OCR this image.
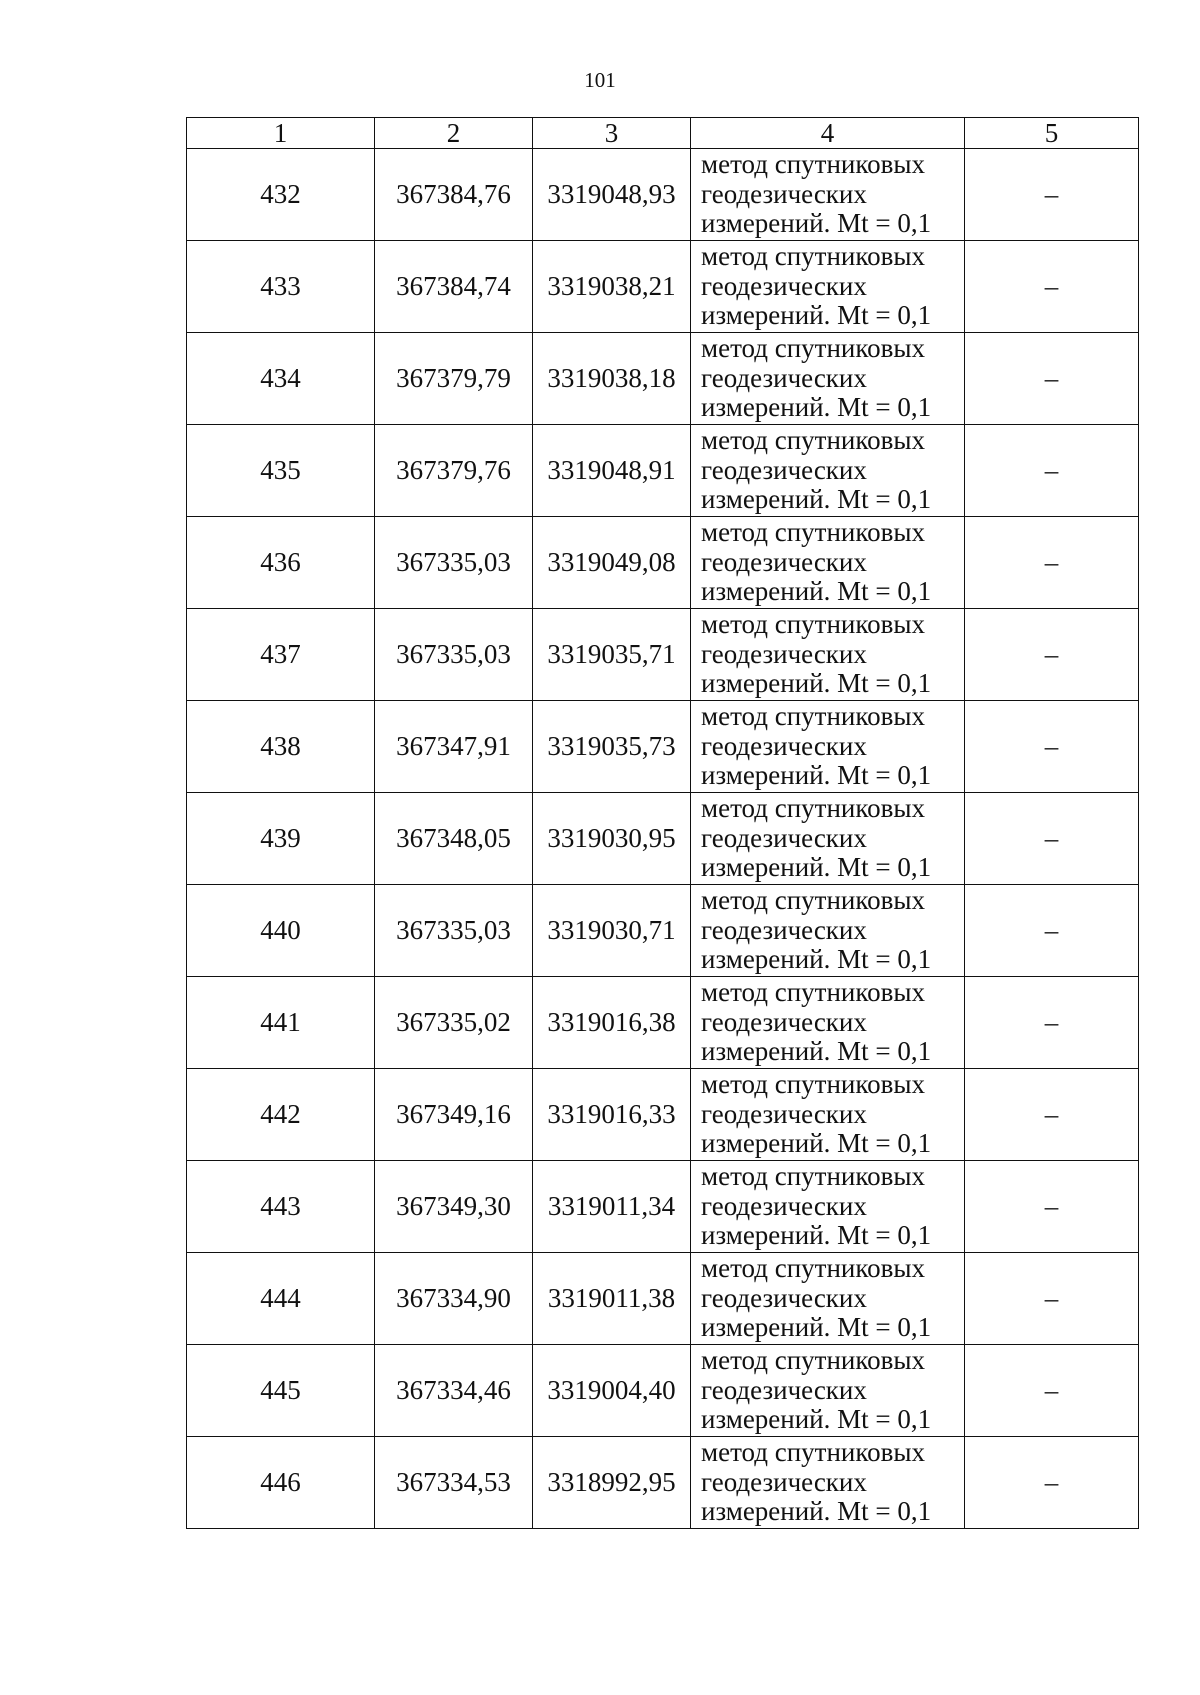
101
1	2	3	4	5
432	367384,76	3319048,93	метод спутниковых
геодезических
измерений. Mt = 0,1	–
433	367384,74	3319038,21	метод спутниковых
геодезических
измерений. Mt = 0,1	–
434	367379,79	3319038,18	метод спутниковых
геодезических
измерений. Mt = 0,1	–
435	367379,76	3319048,91	метод спутниковых
геодезических
измерений. Mt = 0,1	–
436	367335,03	3319049,08	метод спутниковых
геодезических
измерений. Mt = 0,1	–
437	367335,03	3319035,71	метод спутниковых
геодезических
измерений. Mt = 0,1	–
438	367347,91	3319035,73	метод спутниковых
геодезических
измерений. Mt = 0,1	–
439	367348,05	3319030,95	метод спутниковых
геодезических
измерений. Mt = 0,1	–
440	367335,03	3319030,71	метод спутниковых
геодезических
измерений. Mt = 0,1	–
441	367335,02	3319016,38	метод спутниковых
геодезических
измерений. Mt = 0,1	–
442	367349,16	3319016,33	метод спутниковых
геодезических
измерений. Mt = 0,1	–
443	367349,30	3319011,34	метод спутниковых
геодезических
измерений. Mt = 0,1	–
444	367334,90	3319011,38	метод спутниковых
геодезических
измерений. Mt = 0,1	–
445	367334,46	3319004,40	метод спутниковых
геодезических
измерений. Mt = 0,1	–
446	367334,53	3318992,95	метод спутниковых
геодезических
измерений. Mt = 0,1	–
